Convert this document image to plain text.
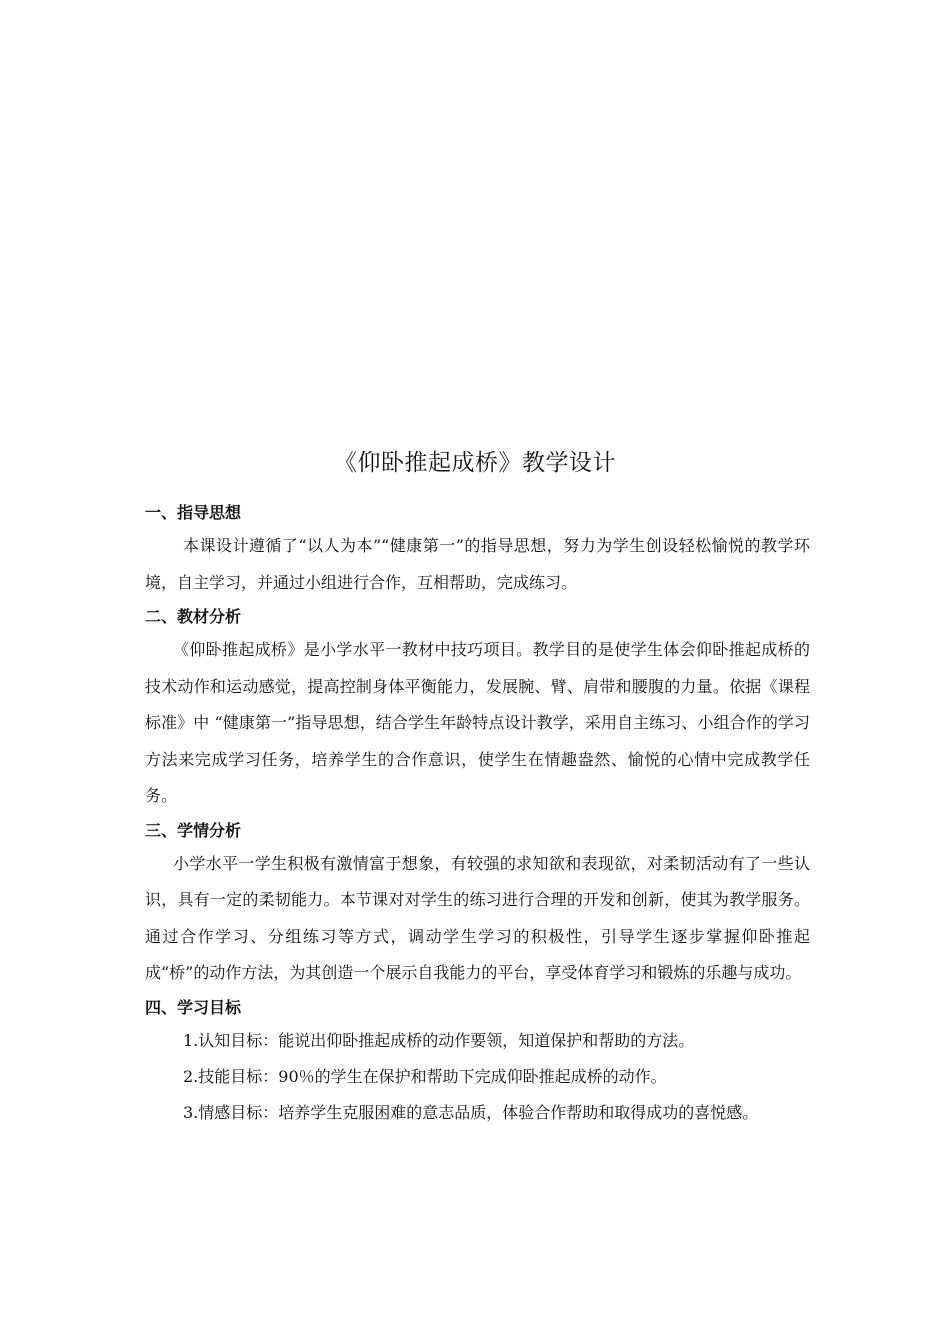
《仰卧推起成桥》教学设计

一、指导思想

本课设计遵循了“以人为本”“健康第一”的指导思想，努力为学生创设轻松愉悦的教学环境，自主学习，并通过小组进行合作，互相帮助，完成练习。

二、教材分析

《仰卧推起成桥》是小学水平一教材中技巧项目。教学目的是使学生体会仰卧推起成桥的技术动作和运动感觉，提高控制身体平衡能力，发展腕、臂、肩带和腰腹的力量。依据《课程标准》中 “健康第一”指导思想，结合学生年龄特点设计教学，采用自主练习、小组合作的学习方法来完成学习任务，培养学生的合作意识，使学生在情趣盎然、愉悦的心情中完成教学任务。

三、学情分析

小学水平一学生积极有激情富于想象，有较强的求知欲和表现欲，对柔韧活动有了一些认识，具有一定的柔韧能力。本节课对对学生的练习进行合理的开发和创新，使其为教学服务。通过合作学习、分组练习等方式，调动学生学习的积极性，引导学生逐步掌握仰卧推起成“桥”的动作方法，为其创造一个展示自我能力的平台，享受体育学习和锻炼的乐趣与成功。

四、学习目标

1.认知目标：能说出仰卧推起成桥的动作要领，知道保护和帮助的方法。

2.技能目标：90％的学生在保护和帮助下完成仰卧推起成桥的动作。

3.情感目标：培养学生克服困难的意志品质，体验合作帮助和取得成功的喜悦感。
